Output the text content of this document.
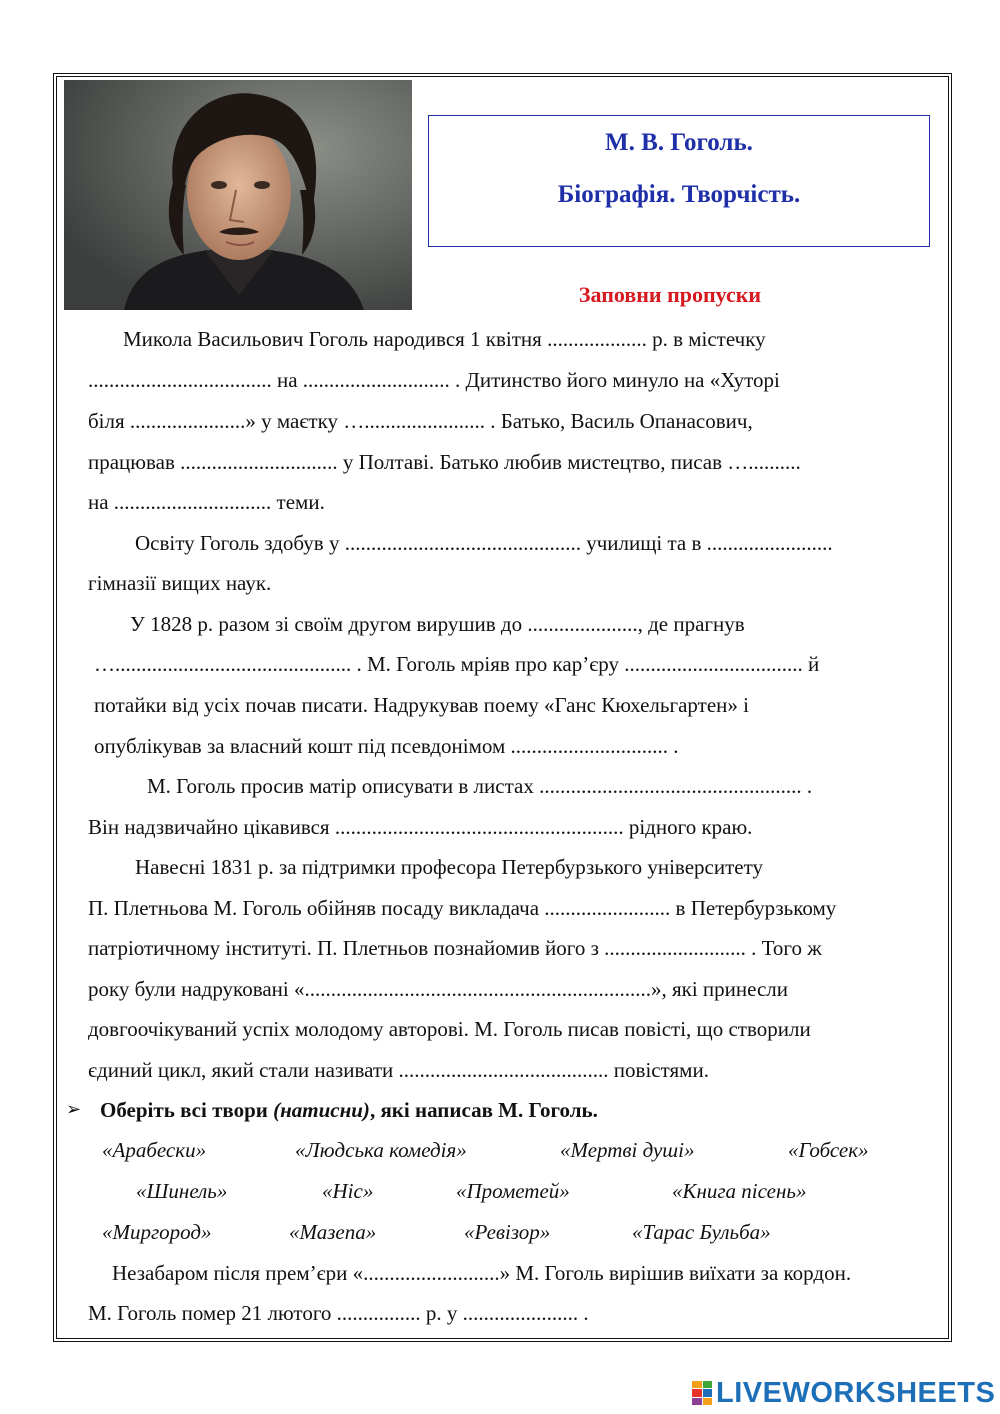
М. В. Гоголь.
Біографія. Творчість.
Заповни пропуски
Микола Васильович Гоголь народився 1 квітня ................... р. в містечку
................................... на ............................ . Дитинство його минуло на «Хуторі
біля ......................» у маєтку …....................... . Батько, Василь Опанасович,
працював .............................. у Полтаві. Батько любив мистецтво, писав …..........
на .............................. теми.
Освіту Гоголь здобув у ............................................. училищі та в ........................
гімназії вищих наук.
У 1828 р. разом зі своїм другом вирушив до ....................., де прагнув
…............................................. . М. Гоголь мріяв про кар’єру .................................. й
потайки від усіх почав писати. Надрукував поему «Ганс Кюхельгартен» і
опублікував за власний кошт під псевдонімом .............................. .
М. Гоголь просив матір описувати в листах .................................................. .
Він надзвичайно цікавився ....................................................... рідного краю.
Навесні 1831 р. за підтримки професора Петербурзького університету
П. Плетньова М. Гоголь обійняв посаду викладача ........................ в Петербурзькому
патріотичному інституті. П. Плетньов познайомив його з ........................... . Того ж
року були надруковані «..................................................................», які принесли
довгоочікуваний успіх молодому авторові. М. Гоголь писав повісті, що створили
єдиний цикл, який стали називати ........................................ повістями.
➢ Оберіть всі твори (натисни), які написав М. Гоголь.
«Арабески»	«Людська комедія»	«Мертві душі»	«Гобсек»
«Шинель»	«Ніс»	«Прометей»	«Книга пісень»
«Миргород»	«Мазепа»	«Ревізор»	«Тарас Бульба»
Незабаром після прем’єри «..........................» М. Гоголь вирішив виїхати за кордон.
М. Гоголь помер 21 лютого ................ р. у ...................... .
LIVEWORKSHEETS
